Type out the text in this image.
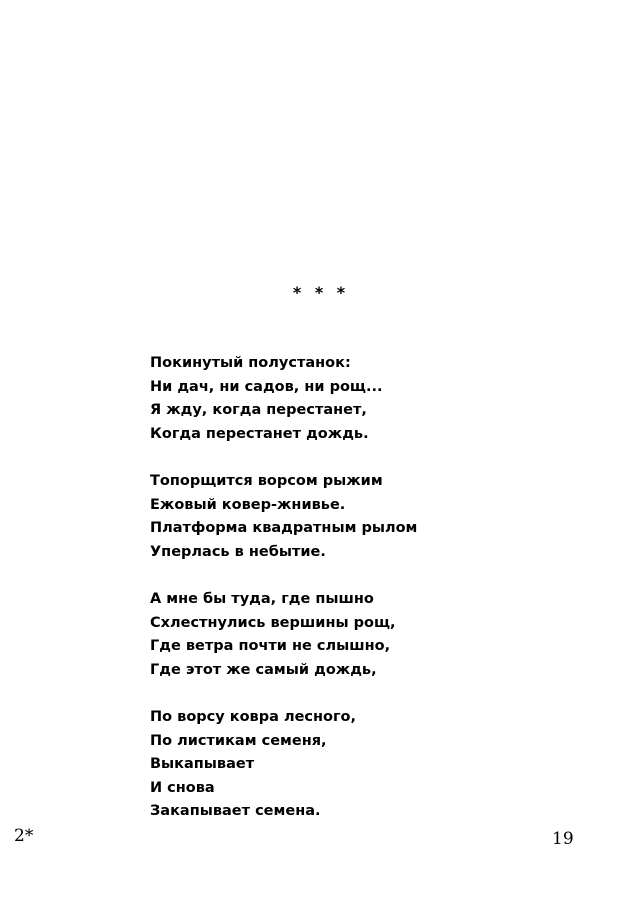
* * *
Покинутый полустанок:
Ни дач, ни садов, ни рощ...
Я жду, когда перестанет,
Когда перестанет дождь.
Топорщится ворсом рыжим
Ежовый ковер-жнивье.
Платформа квадратным рылом
Уперлась в небытие.
А мне бы туда, где пышно
Схлестнулись вершины рощ,
Где ветра почти не слышно,
Где этот же самый дождь,
По ворсу ковра лесного,
По листикам семеня,
Выкапывает
И снова
Закапывает семена.
2*	19
